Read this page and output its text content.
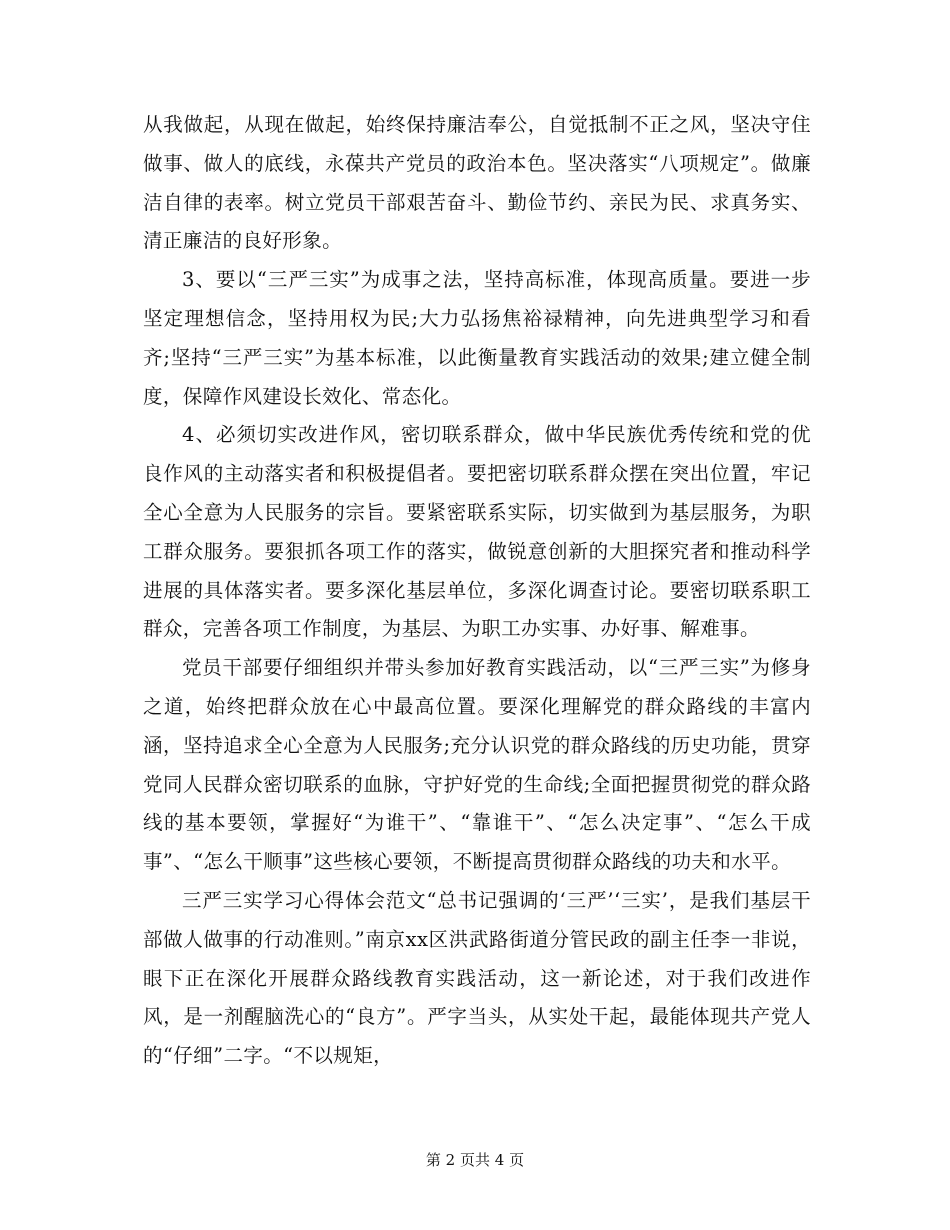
从我做起，从现在做起，始终保持廉洁奉公，自觉抵制不正之风，坚决守住做事、做人的底线，永葆共产党员的政治本色。坚决落实“八项规定”。做廉洁自律的表率。树立党员干部艰苦奋斗、勤俭节约、亲民为民、求真务实、清正廉洁的良好形象。

3、要以“三严三实”为成事之法，坚持高标准，体现高质量。要进一步坚定理想信念，坚持用权为民;大力弘扬焦裕禄精神，向先进典型学习和看齐;坚持“三严三实”为基本标准，以此衡量教育实践活动的效果;建立健全制度，保障作风建设长效化、常态化。

4、必须切实改进作风，密切联系群众，做中华民族优秀传统和党的优良作风的主动落实者和积极提倡者。要把密切联系群众摆在突出位置，牢记全心全意为人民服务的宗旨。要紧密联系实际，切实做到为基层服务，为职工群众服务。要狠抓各项工作的落实，做锐意创新的大胆探究者和推动科学进展的具体落实者。要多深化基层单位，多深化调查讨论。要密切联系职工群众，完善各项工作制度，为基层、为职工办实事、办好事、解难事。

党员干部要仔细组织并带头参加好教育实践活动，以“三严三实”为修身之道，始终把群众放在心中最高位置。要深化理解党的群众路线的丰富内涵，坚持追求全心全意为人民服务;充分认识党的群众路线的历史功能，贯穿党同人民群众密切联系的血脉，守护好党的生命线;全面把握贯彻党的群众路线的基本要领，掌握好“为谁干”、“靠谁干”、“怎么决定事”、“怎么干成事”、“怎么干顺事”这些核心要领，不断提高贯彻群众路线的功夫和水平。

三严三实学习心得体会范文“总书记强调的‘三严’‘三实’，是我们基层干部做人做事的行动准则。”南京xx区洪武路街道分管民政的副主任李一非说，眼下正在深化开展群众路线教育实践活动，这一新论述，对于我们改进作风，是一剂醒脑洗心的“良方”。严字当头，从实处干起，最能体现共产党人的“仔细”二字。“不以规矩，

第 2 页共 4 页
